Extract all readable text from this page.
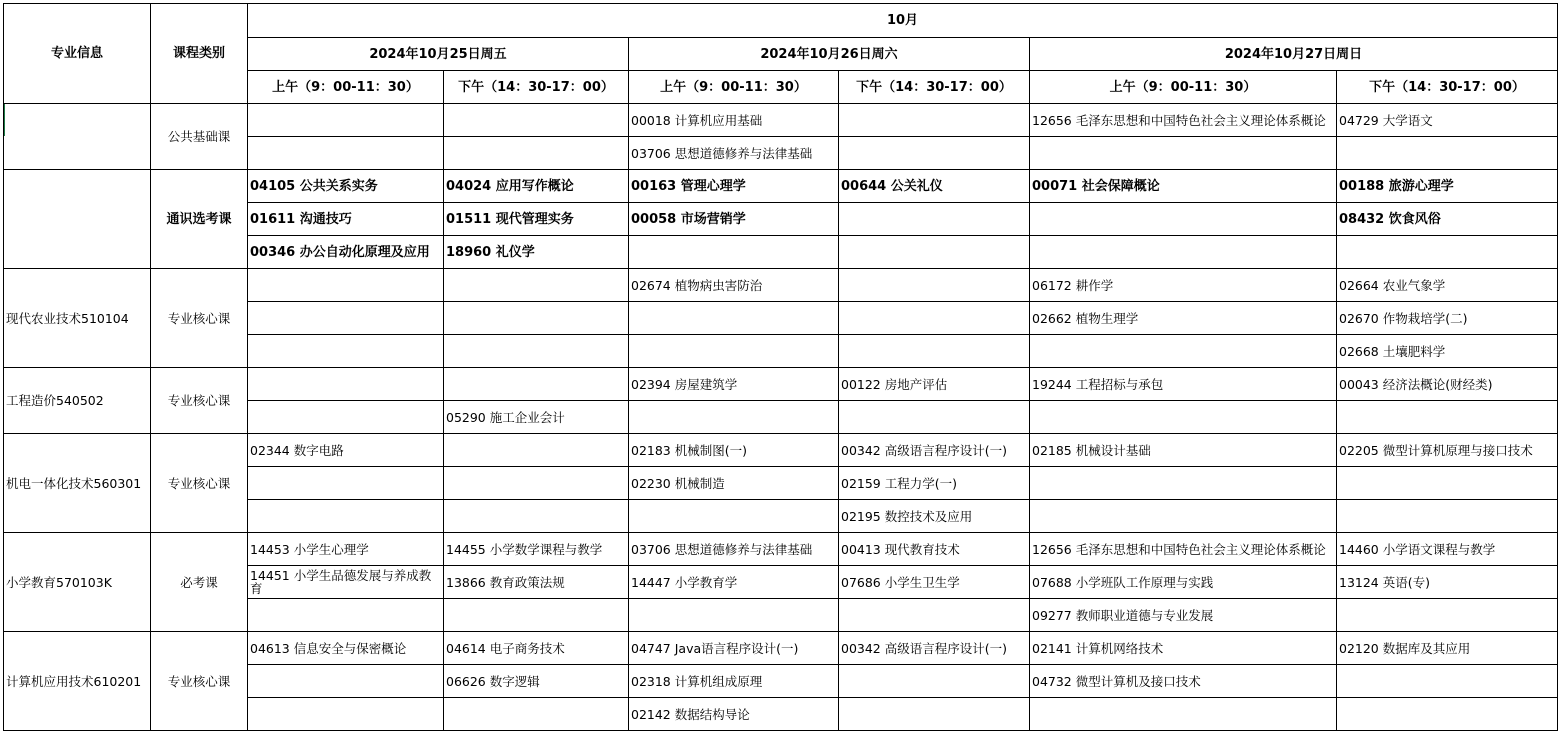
专业信息	课程类别	10月					
		2024年10月25日周五		2024年10月26日周六		2024年10月27日周日	
		上午（9：00-11：30）	下午（14：30-17：00）	上午（9：00-11：30）	下午（14：30-17：00）	上午（9：00-11：30）	下午（14：30-17：00）
	公共基础课			00018 计算机应用基础		12656 毛泽东思想和中国特色社会主义理论体系概论	04729 大学语文
				03706 思想道德修养与法律基础			
	通识选考课	04105 公共关系实务	04024 应用写作概论	00163 管理心理学	00644 公关礼仪	00071 社会保障概论	00188 旅游心理学
		01611 沟通技巧	01511 现代管理实务	00058 市场营销学			08432 饮食风俗
		00346 办公自动化原理及应用	18960 礼仪学				
现代农业技术510104	专业核心课			02674 植物病虫害防治		06172 耕作学	02664 农业气象学
						02662 植物生理学	02670 作物栽培学(二)
							02668 土壤肥料学
工程造价540502	专业核心课			02394 房屋建筑学	00122 房地产评估	19244 工程招标与承包	00043 经济法概论(财经类)
			05290 施工企业会计				
机电一体化技术560301	专业核心课	02344 数字电路		02183 机械制图(一)	00342 高级语言程序设计(一)	02185 机械设计基础	02205 微型计算机原理与接口技术
				02230 机械制造	02159 工程力学(一)		
					02195 数控技术及应用		
小学教育570103K	必考课	14453 小学生心理学	14455 小学数学课程与教学	03706 思想道德修养与法律基础	00413 现代教育技术	12656 毛泽东思想和中国特色社会主义理论体系概论	14460 小学语文课程与教学
		14451 小学生品德发展与养成教育	13866 教育政策法规	14447 小学教育学	07686 小学生卫生学	07688 小学班队工作原理与实践	13124 英语(专)
						09277 教师职业道德与专业发展	
计算机应用技术610201	专业核心课	04613 信息安全与保密概论	04614 电子商务技术	04747 Java语言程序设计(一)	00342 高级语言程序设计(一)	02141 计算机网络技术	02120 数据库及其应用
			06626 数字逻辑	02318 计算机组成原理		04732 微型计算机及接口技术	
				02142 数据结构导论			
